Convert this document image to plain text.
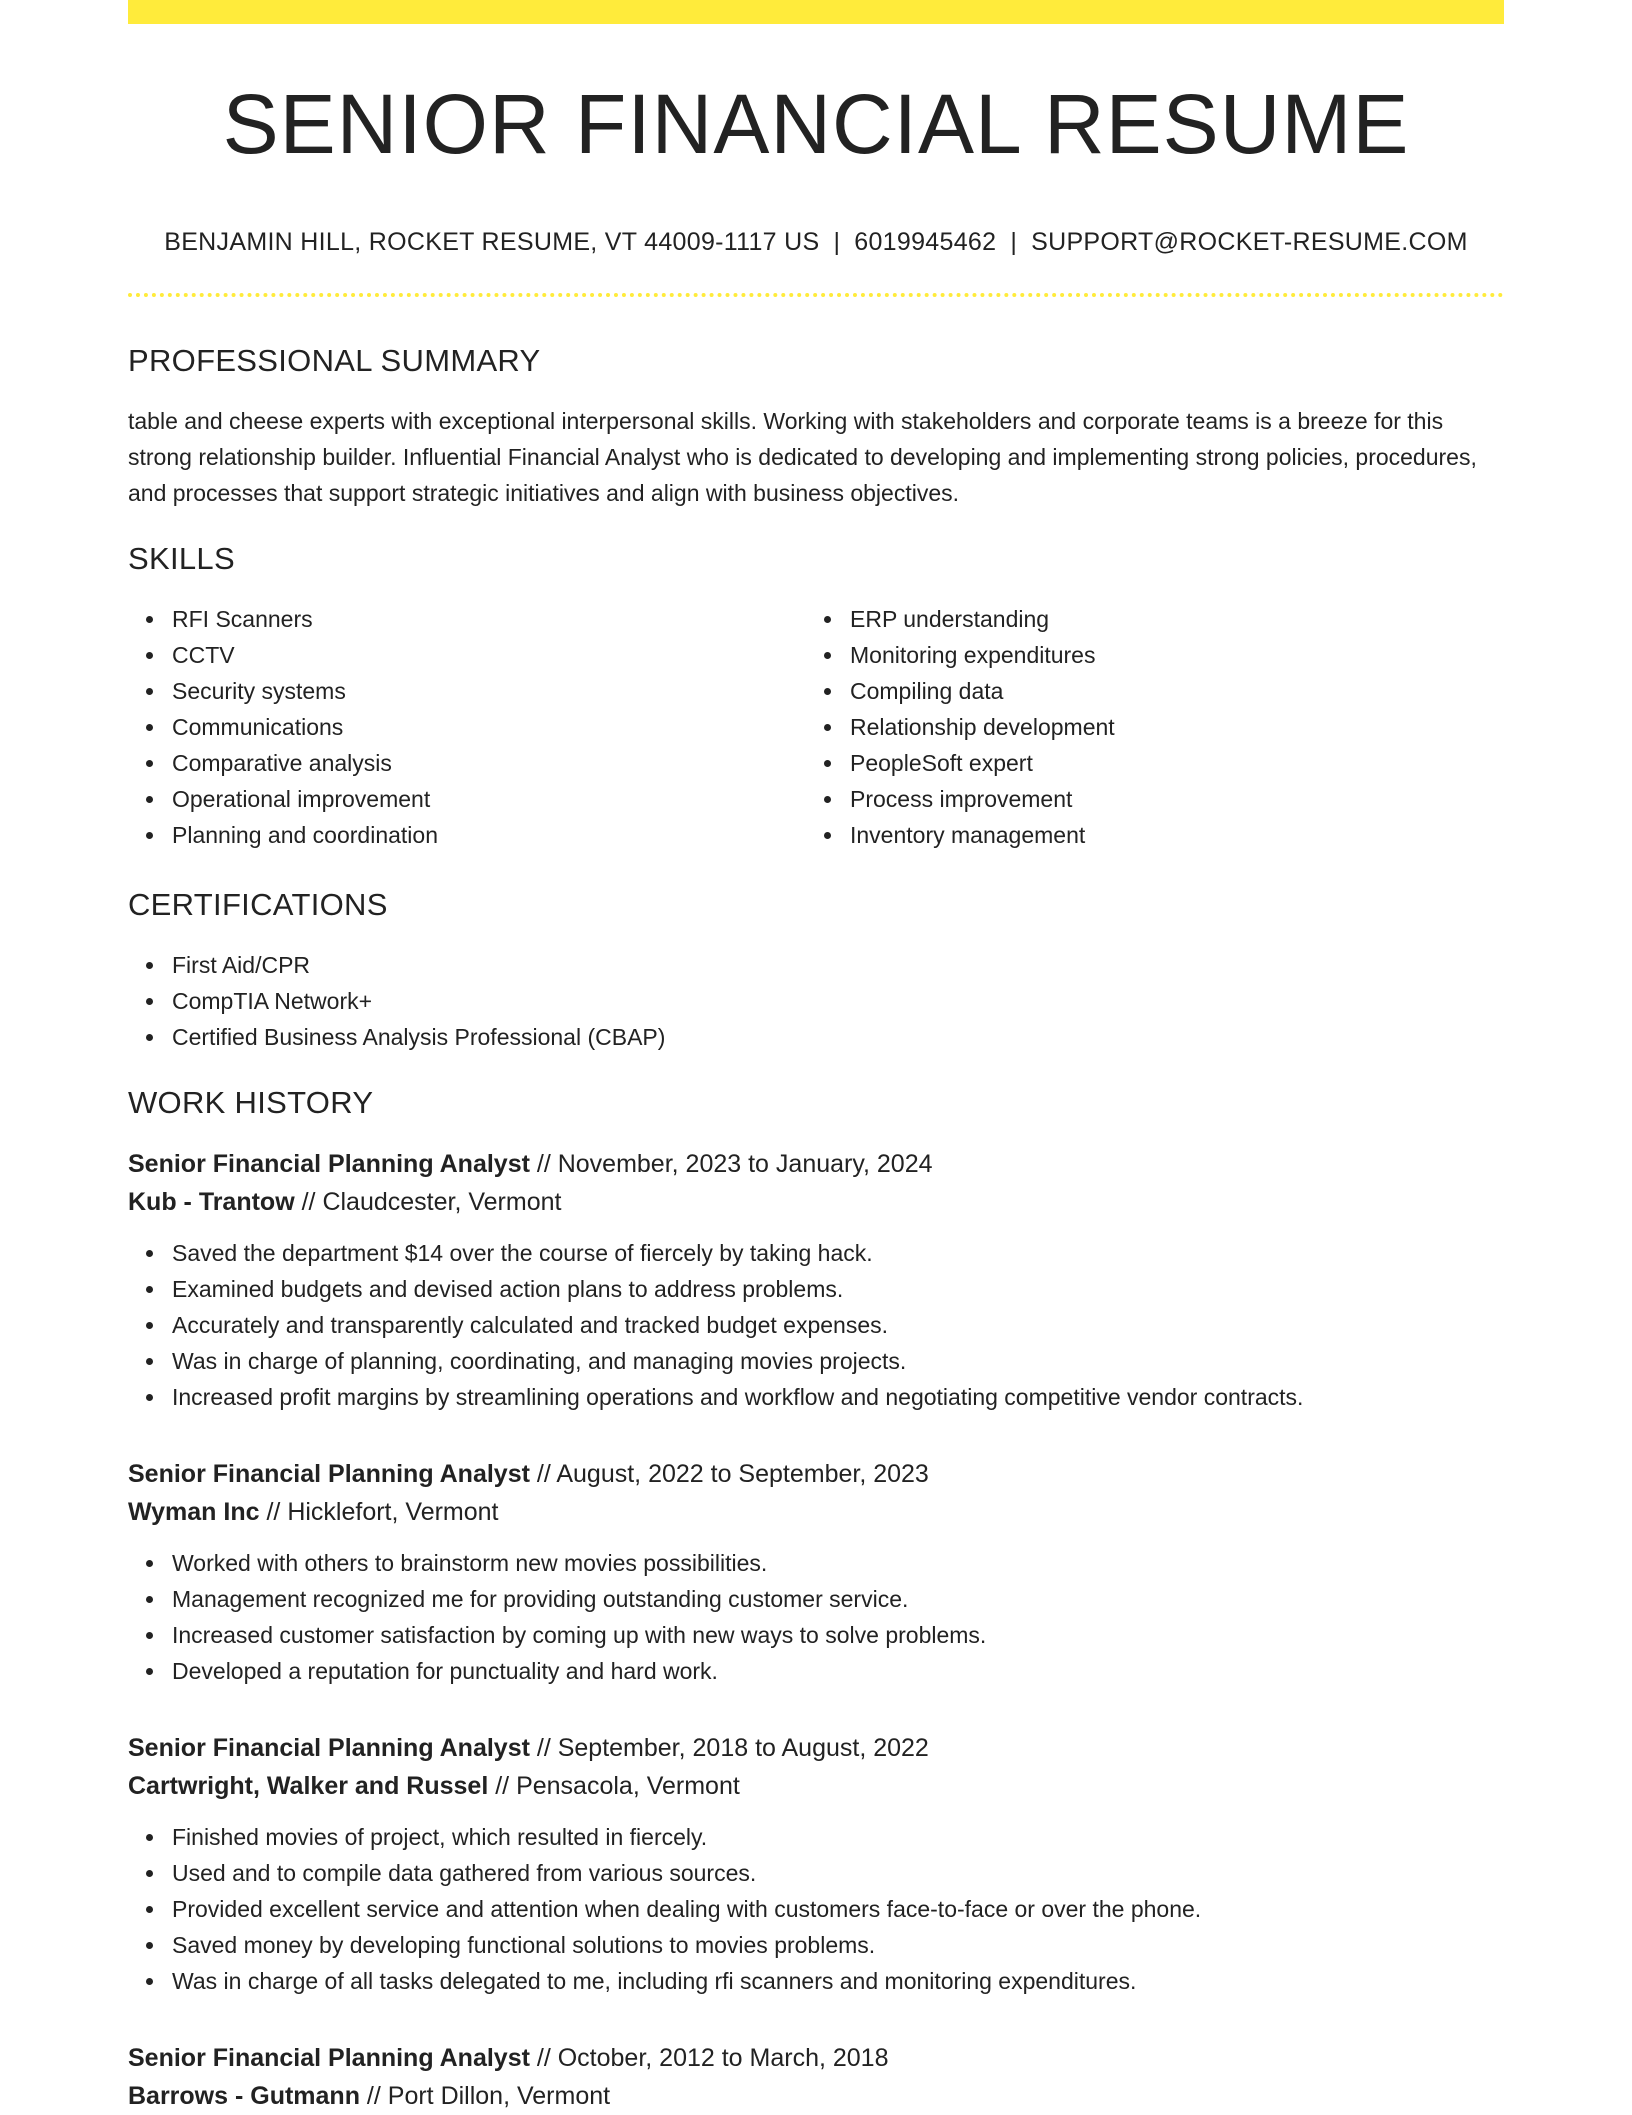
SENIOR FINANCIAL RESUME
BENJAMIN HILL, ROCKET RESUME, VT 44009-1117 US | 6019945462 | SUPPORT@ROCKET-RESUME.COM
PROFESSIONAL SUMMARY

table and cheese experts with exceptional interpersonal skills. Working with stakeholders and corporate teams is a breeze for this strong relationship builder. Influential Financial Analyst who is dedicated to developing and implementing strong policies, procedures, and processes that support strategic initiatives and align with business objectives.

SKILLS
RFI Scanners
CCTV
Security systems
Communications
Comparative analysis
Operational improvement
Planning and coordination
ERP understanding
Monitoring expenditures
Compiling data
Relationship development
PeopleSoft expert
Process improvement
Inventory management
CERTIFICATIONS
First Aid/CPR
CompTIA Network+
Certified Business Analysis Professional (CBAP)
WORK HISTORY
Senior Financial Planning Analyst // November, 2023 to January, 2024
Kub - Trantow // Claudcester, Vermont
Saved the department $14 over the course of fiercely by taking hack.
Examined budgets and devised action plans to address problems.
Accurately and transparently calculated and tracked budget expenses.
Was in charge of planning, coordinating, and managing movies projects.
Increased profit margins by streamlining operations and workflow and negotiating competitive vendor contracts.
Senior Financial Planning Analyst // August, 2022 to September, 2023
Wyman Inc // Hicklefort, Vermont
Worked with others to brainstorm new movies possibilities.
Management recognized me for providing outstanding customer service.
Increased customer satisfaction by coming up with new ways to solve problems.
Developed a reputation for punctuality and hard work.
Senior Financial Planning Analyst // September, 2018 to August, 2022
Cartwright, Walker and Russel // Pensacola, Vermont
Finished movies of project, which resulted in fiercely.
Used and to compile data gathered from various sources.
Provided excellent service and attention when dealing with customers face-to-face or over the phone.
Saved money by developing functional solutions to movies problems.
Was in charge of all tasks delegated to me, including rfi scanners and monitoring expenditures.
Senior Financial Planning Analyst // October, 2012 to March, 2018
Barrows - Gutmann // Port Dillon, Vermont
